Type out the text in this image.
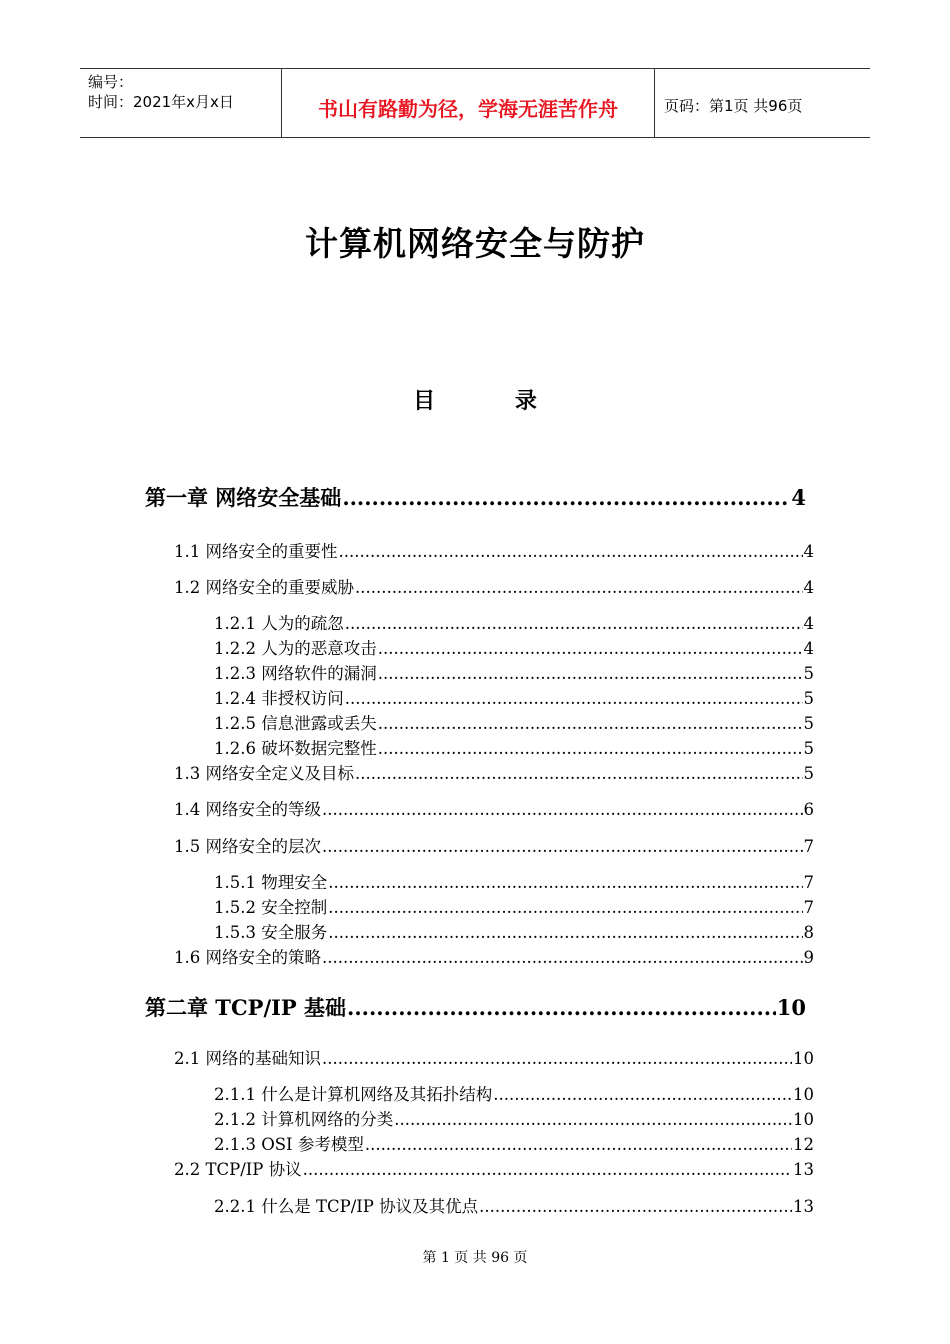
编号：
时间：2021年x月x日	书山有路勤为径，学海无涯苦作舟	页码：第1页 共96页
计算机网络安全与防护
目 录
第一章 网络安全基础 .....	4
1.1 网络安全的重要性 .....	4
1.2 网络安全的重要威胁 .....	4
1.2.1 人为的疏忽 .....	4
1.2.2 人为的恶意攻击 .....	4
1.2.3 网络软件的漏洞 .....	5
1.2.4 非授权访问 .....	5
1.2.5 信息泄露或丢失 .....	5
1.2.6 破坏数据完整性 .....	5
1.3 网络安全定义及目标 .....	5
1.4 网络安全的等级 .....	6
1.5 网络安全的层次 .....	7
1.5.1 物理安全 .....	7
1.5.2 安全控制 .....	7
1.5.3 安全服务 .....	8
1.6 网络安全的策略 .....	9
第二章 TCP/IP 基础 .....	10
2.1 网络的基础知识 .....	10
2.1.1 什么是计算机网络及其拓扑结构 .....	10
2.1.2 计算机网络的分类 .....	10
2.1.3 OSI 参考模型 .....	12
2.2 TCP/IP 协议 .....	13
2.2.1 什么是 TCP/IP 协议及其优点 .....	13
第 1 页 共 96 页
